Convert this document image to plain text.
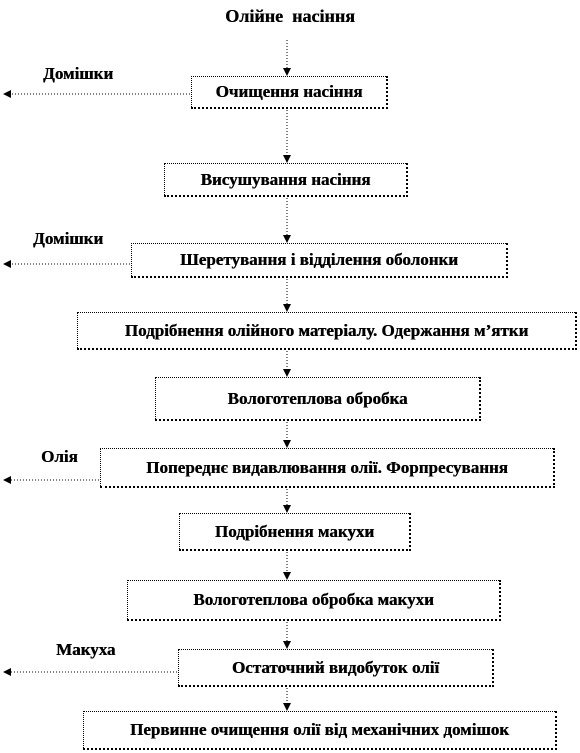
Олійне  насіння
Очищення насіння
Висушування насіння
Шеретування і відділення оболонки
Подрібнення олійного матеріалу. Одержання м’ятки
Вологотеплова обробка
Попереднє видавлювання олії. Форпресування
Подрібнення макухи
Вологотеплова обробка макухи
Остаточний видобуток олії
Первинне очищення олії від механічних домішок
Домішки
Домішки
Олія
Макуха
